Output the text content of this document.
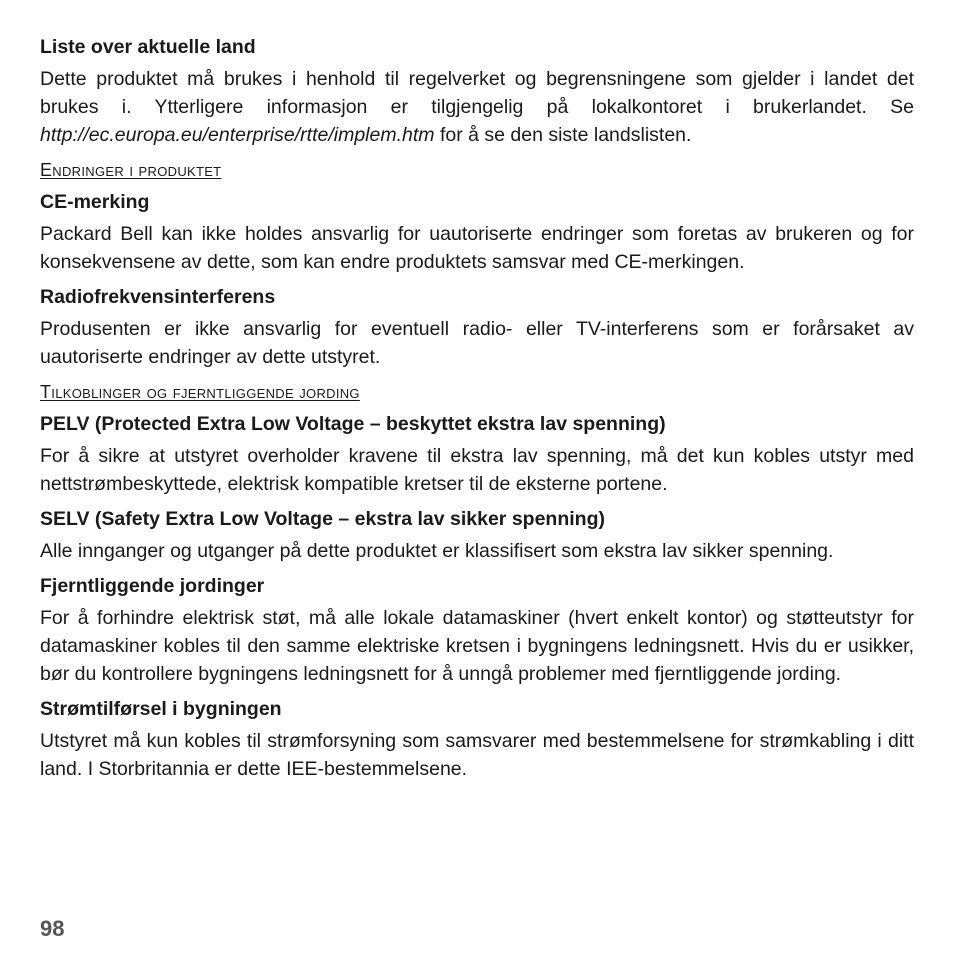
Liste over aktuelle land

Dette produktet må brukes i henhold til regelverket og begrensningene som gjelder i landet det brukes i. Ytterligere informasjon er tilgjengelig på lokalkontoret i brukerlandet. Se http://ec.europa.eu/enterprise/rtte/implem.htm for å se den siste landslisten.

Endringer i produktet

CE-merking

Packard Bell kan ikke holdes ansvarlig for uautoriserte endringer som foretas av brukeren og for konsekvensene av dette, som kan endre produktets samsvar med CE-merkingen.

Radiofrekvensinterferens

Produsenten er ikke ansvarlig for eventuell radio- eller TV-interferens som er forårsaket av uautoriserte endringer av dette utstyret.

Tilkoblinger og fjerntliggende jording

PELV (Protected Extra Low Voltage – beskyttet ekstra lav spenning)

For å sikre at utstyret overholder kravene til ekstra lav spenning, må det kun kobles utstyr med nettstrømbeskyttede, elektrisk kompatible kretser til de eksterne portene.

SELV (Safety Extra Low Voltage – ekstra lav sikker spenning)

Alle innganger og utganger på dette produktet er klassifisert som ekstra lav sikker spenning.

Fjerntliggende jordinger

For å forhindre elektrisk støt, må alle lokale datamaskiner (hvert enkelt kontor) og støtteutstyr for datamaskiner kobles til den samme elektriske kretsen i bygningens ledningsnett. Hvis du er usikker, bør du kontrollere bygningens ledningsnett for å unngå problemer med fjerntliggende jording.

Strømtilførsel i bygningen

Utstyret må kun kobles til strømforsyning som samsvarer med bestemmelsene for strømkabling i ditt land. I Storbritannia er dette IEE-bestemmelsene.

98
